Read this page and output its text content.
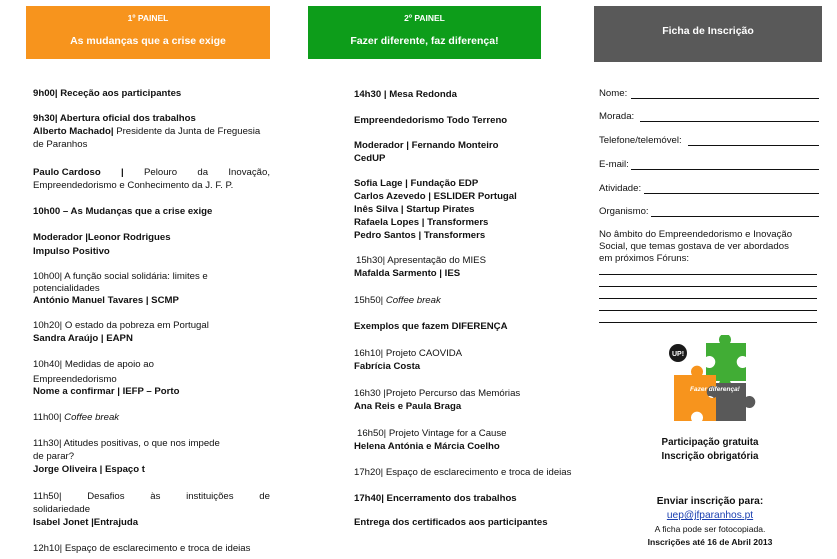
1º PAINEL
As mudanças que a crise exige
9h00| Receção aos participantes
9h30| Abertura oficial dos trabalhos
Alberto Machado| Presidente da Junta de Freguesia
de Paranhos
Paulo Cardoso | Pelouro da Inovação,
Empreendedorismo e Conhecimento da J. F. P.
10h00 – As Mudanças que a crise exige
Moderador |Leonor Rodrigues
Impulso Positivo
10h00| A função social solidária: limites e
potencialidades
António Manuel Tavares | SCMP
10h20| O estado da pobreza em Portugal
Sandra Araújo | EAPN
10h40| Medidas de apoio ao
Empreendedorismo
Nome a confirmar | IEFP – Porto
11h00| Coffee break
11h30| Atitudes positivas, o que nos impede
de parar?
Jorge Oliveira | Espaço t
11h50|	Desafios	às	instituições	de
solidariedade
Isabel Jonet |Entrajuda
12h10| Espaço de esclarecimento e troca de ideias
2º PAINEL
Fazer diferente, faz diferença!
14h30 | Mesa Redonda
Empreendedorismo Todo Terreno
Moderador | Fernando Monteiro
CedUP
Sofia Lage | Fundação EDP
Carlos Azevedo | ESLIDER Portugal
Inês Silva | Startup Pirates
Rafaela Lopes | Transformers
Pedro Santos | Transformers
15h30| Apresentação do MIES
Mafalda Sarmento | IES
15h50| Coffee break
Exemplos que fazem DIFERENÇA
16h10| Projeto CAOVIDA
Fabrícia Costa
16h30 |Projeto Percurso das Memórias
Ana Reis e Paula Braga
16h50| Projeto Vintage for a Cause
Helena Antónia e Márcia Coelho
17h20| Espaço de esclarecimento e troca de ideias
17h40| Encerramento dos trabalhos
Entrega dos certificados aos participantes
Ficha de Inscrição
Nome:
Morada:
Telefone/telemóvel:
E-mail:
Atividade:
Organismo:
No âmbito do Empreendedorismo e Inovação
Social, que temas gostava de ver abordados
em próximos Fóruns:
UP!
Fazer diferença!
Participação gratuita
Inscrição obrigatória
Enviar inscrição para:
uep@jfparanhos.pt
A ficha pode ser fotocopiada.
Inscrições até 16 de Abril 2013
